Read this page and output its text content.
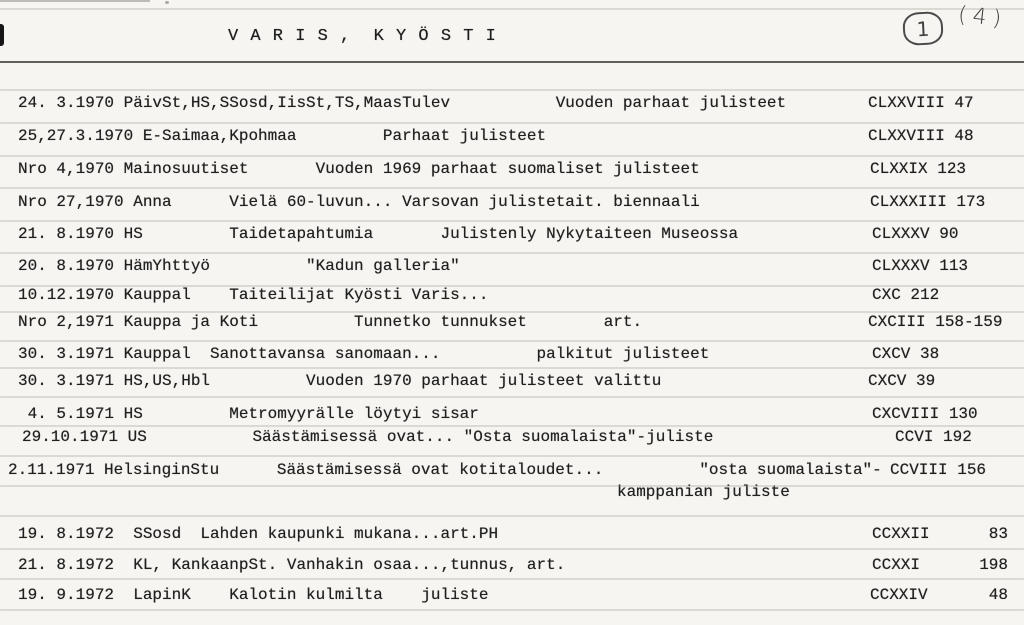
V A R I S ,  K Y Ö S T I	1	(4)
24. 3.1970 PäivSt,HS,SSosd,IisSt,TS,MaasTulev           Vuoden parhaat julisteet	CLXXVIII 47
25,27.3.1970 E-Saimaa,Kpohmaa         Parhaat julisteet	CLXXVIII 48
Nro 4,1970 Mainosuutiset       Vuoden 1969 parhaat suomaliset julisteet	CLXXIX 123
Nro 27,1970 Anna      Vielä 60-luvun... Varsovan julistetait. biennaali	CLXXXIII 173
21. 8.1970 HS         Taidetapahtumia       Julistenly Nykytaiteen Museossa	CLXXXV 90
20. 8.1970 HämYhttyö          "Kadun galleria"	CLXXXV 113
10.12.1970 Kauppal    Taiteilijat Kyösti Varis...	CXC 212
Nro 2,1971 Kauppa ja Koti          Tunnetko tunnukset        art.	CXCIII 158-159
30. 3.1971 Kauppal  Sanottavansa sanomaan...          palkitut julisteet	CXCV 38
30. 3.1971 HS,US,Hbl          Vuoden 1970 parhaat julisteet valittu	CXCV 39
4. 5.1971 HS         Metromyyrälle löytyi sisar	CXCVIII 130
29.10.1971 US           Säästämisessä ovat... "Osta suomalaista"-juliste	CCVI 192
2.11.1971 HelsinginStu      Säästämisessä ovat kotitaloudet...          "osta suomalaista"- CCVIII 156
kamppanian juliste
19. 8.1972  SSosd  Lahden kaupunki mukana...art.PH	CCXXII	83
21. 8.1972  KL, KankaanpSt. Vanhakin osaa...,tunnus, art.	CCXXI	198
19. 9.1972  LapinK    Kalotin kulmilta    juliste	CCXXIV	48
